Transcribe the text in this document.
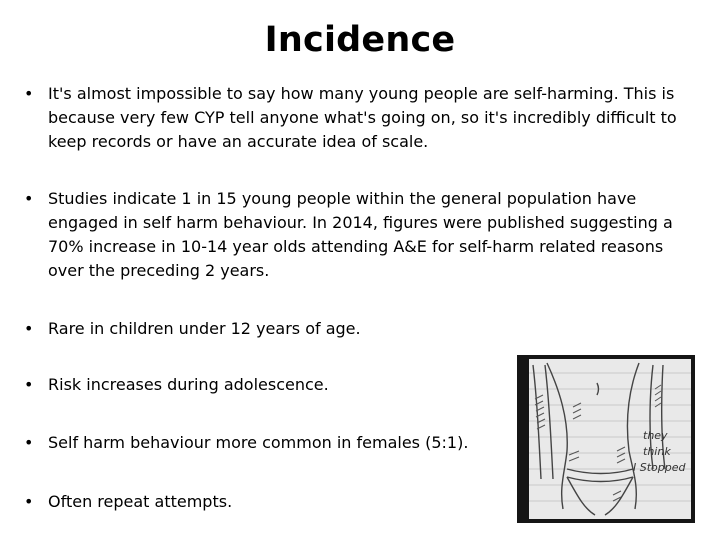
Incidence
• It's almost impossible to say how many young people are self-harming. This is because very few CYP tell anyone what's going on, so it's incredibly difficult to keep records or have an accurate idea of scale.
• Studies indicate 1 in 15 young people within the general population have engaged in self harm behaviour. In 2014, figures were published suggesting a 70% increase in 10-14 year olds attending A&E for self-harm related reasons over the preceding 2 years.
• Rare in children under 12 years of age.
• Risk increases during adolescence.
• Self harm behaviour more common in females (5:1).
• Often repeat attempts.
they
think
I Stopped
